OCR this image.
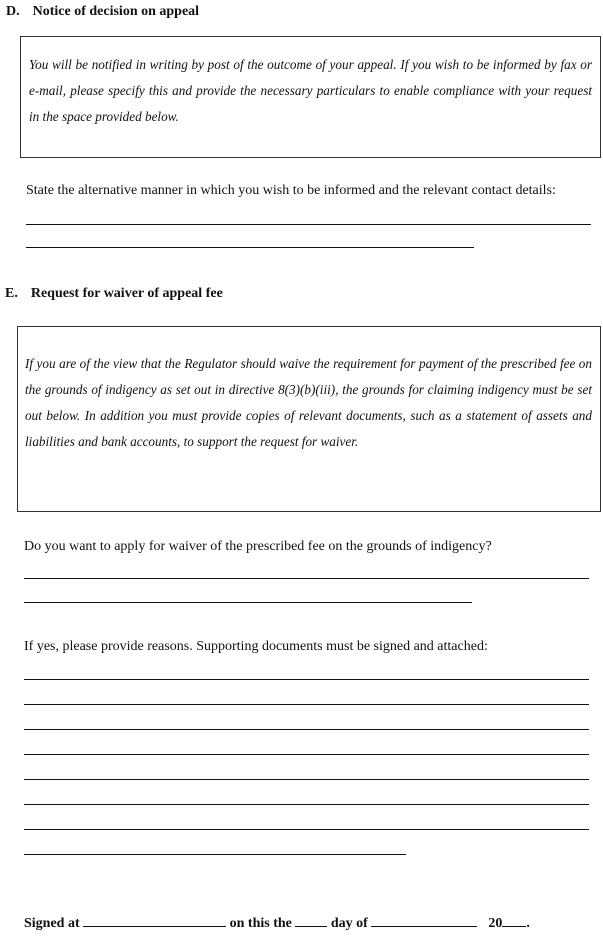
D. Notice of decision on appeal
You will be notified in writing by post of the outcome of your appeal. If you wish to be informed by fax or e-mail, please specify this and provide the necessary particulars to enable compliance with your request in the space provided below.
State the alternative manner in which you wish to be informed and the relevant contact details:
E. Request for waiver of appeal fee
If you are of the view that the Regulator should waive the requirement for payment of the prescribed fee on the grounds of indigency as set out in directive 8(3)(b)(iii), the grounds for claiming indigency must be set out below. In addition you must provide copies of relevant documents, such as a statement of assets and liabilities and bank accounts, to support the request for waiver.
Do you want to apply for waiver of the prescribed fee on the grounds of indigency?
If yes, please provide reasons. Supporting documents must be signed and attached:
Signed at	on this the	day of	20 .
